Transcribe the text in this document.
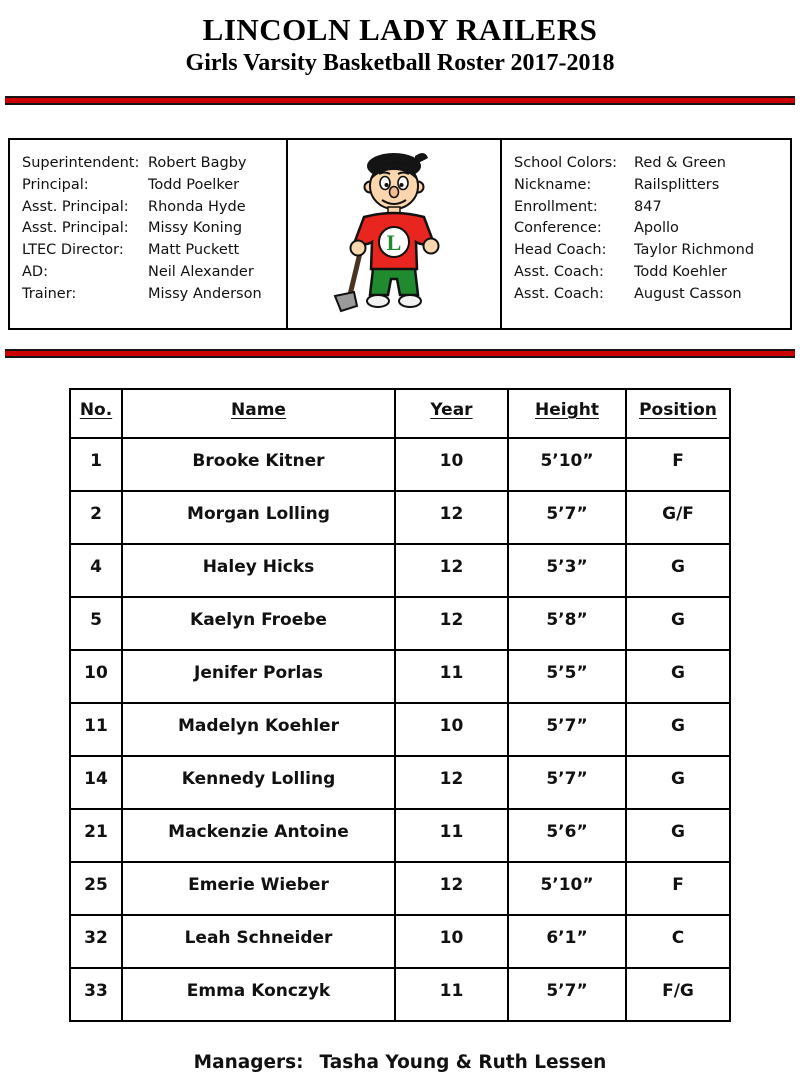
LINCOLN LADY RAILERS
Girls Varsity Basketball Roster 2017-2018
Superintendent: Robert Bagby
Principal:	Todd Poelker
Asst. Principal:	Rhonda Hyde
Asst. Principal:	Missy Koning
LTEC Director:	Matt Puckett
AD:	Neil Alexander
Trainer:	Missy Anderson
L
School Colors:	Red & Green
Nickname:	Railsplitters
Enrollment:	847
Conference:	Apollo
Head Coach:	Taylor Richmond
Asst. Coach:	Todd Koehler
Asst. Coach:	August Casson
No.	Name	Year	Height	Position
1	Brooke Kitner	10	5’10”	F
2	Morgan Lolling	12	5’7”	G/F
4	Haley Hicks	12	5’3”	G
5	Kaelyn Froebe	12	5’8”	G
10	Jenifer Porlas	11	5’5”	G
11	Madelyn Koehler	10	5’7”	G
14	Kennedy Lolling	12	5’7”	G
21	Mackenzie Antoine	11	5’6”	G
25	Emerie Wieber	12	5’10”	F
32	Leah Schneider	10	6’1”	C
33	Emma Konczyk	11	5’7”	F/G
Managers: Tasha Young & Ruth Lessen
